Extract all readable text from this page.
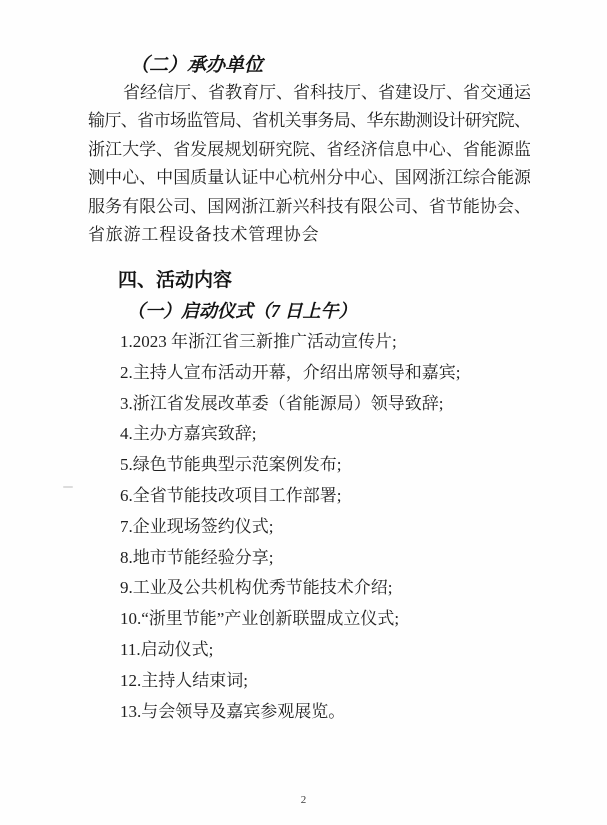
（二）承办单位
省经信厅、省教育厅、省科技厅、省建设厅、省交通运
输厅、省市场监管局、省机关事务局、华东勘测设计研究院、
浙江大学、省发展规划研究院、省经济信息中心、省能源监
测中心、中国质量认证中心杭州分中心、国网浙江综合能源
服务有限公司、国网浙江新兴科技有限公司、省节能协会、
省旅游工程设备技术管理协会
四、活动内容
（一）启动仪式（7 日上午）
1.2023 年浙江省三新推广活动宣传片;
2.主持人宣布活动开幕，介绍出席领导和嘉宾;
3.浙江省发展改革委（省能源局）领导致辞;
4.主办方嘉宾致辞;
5.绿色节能典型示范案例发布;
6.全省节能技改项目工作部署;
7.企业现场签约仪式;
8.地市节能经验分享;
9.工业及公共机构优秀节能技术介绍;
10.“浙里节能”产业创新联盟成立仪式;
11.启动仪式;
12.主持人结束词;
13.与会领导及嘉宾参观展览。
2
